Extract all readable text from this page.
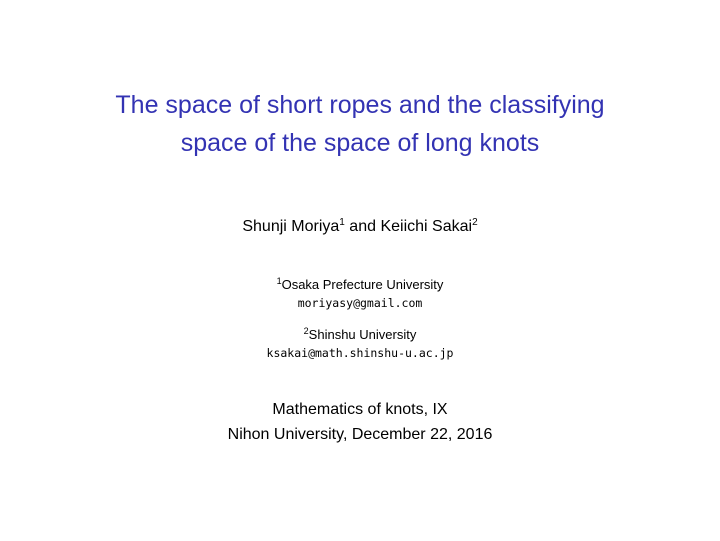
The space of short ropes and the classifying
space of the space of long knots
Shunji Moriya$^1$ and Keiichi Sakai$^2$
$^1$Osaka Prefecture University
moriyasy@gmail.com
$^2$Shinshu University
ksakai@math.shinshu-u.ac.jp
Mathematics of knots, IX
Nihon University, December 22, 2016
